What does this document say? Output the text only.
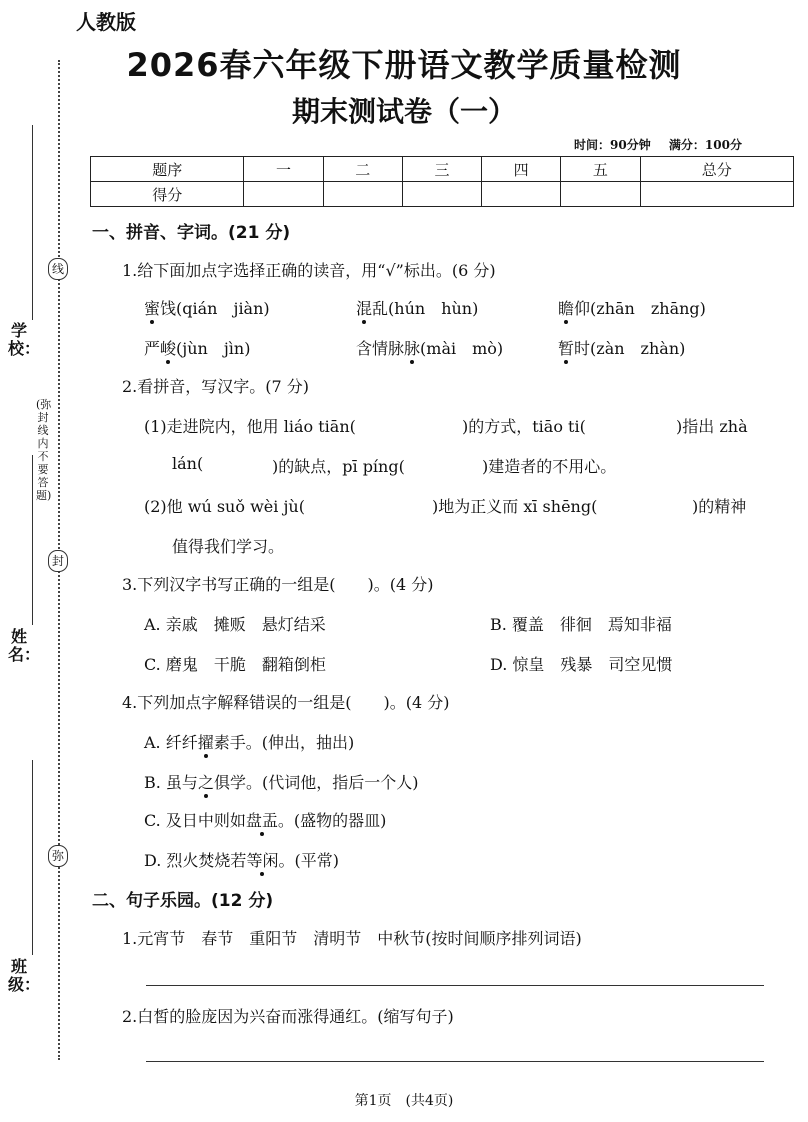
线
封
弥
学校：
姓名：
班级：
(弥封线内不要答题)
人教版
2026春六年级下册语文教学质量检测
期末测试卷（一）
时间：90分钟 满分：100分
题序	一	二	三	四	五	总分
得分						
一、拼音、字词。(21 分)
1.给下面加点字选择正确的读音，用“√”标出。(6 分)
蜜饯(qián　jiàn)	混乱(hún　hùn)	瞻仰(zhān　zhāng)
严峻(jùn　jìn)	含情脉脉(mài　mò)	暂时(zàn　zhàn)
2.看拼音，写汉字。(7 分)
(1)走进院内，他用 liáo tiān(	)的方式，tiāo ti(	)指出 zhà
lán(	)的缺点，pī píng(	)建造者的不用心。
(2)他 wú suǒ wèi jù(	)地为正义而 xī shēng(	)的精神
值得我们学习。
3.下列汉字书写正确的一组是(　　)。(4 分)
A. 亲戚　摊贩　悬灯结采	B. 覆盖　徘徊　焉知非福
C. 磨鬼　干脆　翻箱倒柜	D. 惊皇　残暴　司空见惯
4.下列加点字解释错误的一组是(　　)。(4 分)
A. 纤纤擢素手。(伸出，抽出)
B. 虽与之俱学。(代词他，指后一个人)
C. 及日中则如盘盂。(盛物的器皿)
D. 烈火焚烧若等闲。(平常)
二、句子乐园。(12 分)
1.元宵节　春节　重阳节　清明节　中秋节(按时间顺序排列词语)
2.白皙的脸庞因为兴奋而涨得通红。(缩写句子)
第1页　(共4页)
